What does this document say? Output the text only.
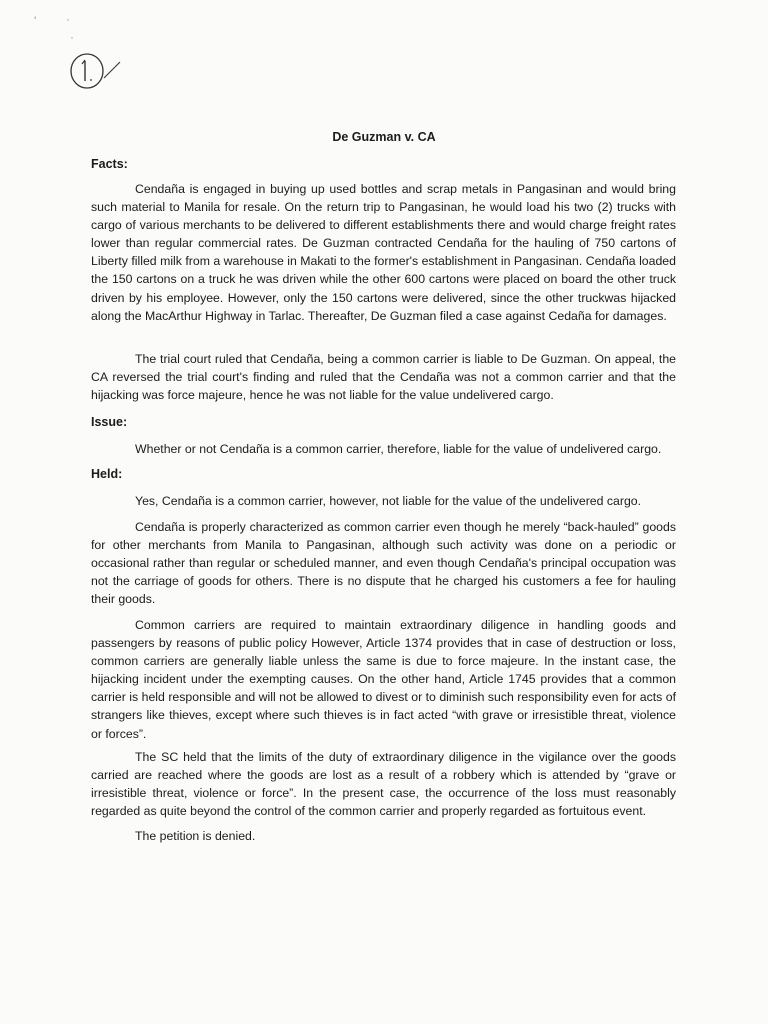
' ·
·
De Guzman v. CA
Facts:

Cendaña is engaged in buying up used bottles and scrap metals in Pangasinan and would bring such material to Manila for resale. On the return trip to Pangasinan, he would load his two (2) trucks with cargo of various merchants to be delivered to different establishments there and would charge freight rates lower than regular commercial rates. De Guzman contracted Cendaña for the hauling of 750 cartons of Liberty filled milk from a warehouse in Makati to the former's establishment in Pangasinan. Cendaña loaded the 150 cartons on a truck he was driven while the other 600 cartons were placed on board the other truck driven by his employee. However, only the 150 cartons were delivered, since the other truckwas hijacked along the MacArthur Highway in Tarlac. Thereafter, De Guzman filed a case against Cedaña for damages.

The trial court ruled that Cendaña, being a common carrier is liable to De Guzman. On appeal, the CA reversed the trial court's finding and ruled that the Cendaña was not a common carrier and that the hijacking was force majeure, hence he was not liable for the value undelivered cargo.

Issue:

Whether or not Cendaña is a common carrier, therefore, liable for the value of undelivered cargo.

Held:

Yes, Cendaña is a common carrier, however, not liable for the value of the undelivered cargo.

Cendaña is properly characterized as common carrier even though he merely “back-hauled” goods for other merchants from Manila to Pangasinan, although such activity was done on a periodic or occasional rather than regular or scheduled manner, and even though Cendaña's principal occupation was not the carriage of goods for others. There is no dispute that he charged his customers a fee for hauling their goods.

Common carriers are required to maintain extraordinary diligence in handling goods and passengers by reasons of public policy However, Article 1374 provides that in case of destruction or loss, common carriers are generally liable unless the same is due to force majeure. In the instant case, the hijacking incident under the exempting causes. On the other hand, Article 1745 provides that a common carrier is held responsible and will not be allowed to divest or to diminish such responsibility even for acts of strangers like thieves, except where such thieves is in fact acted “with grave or irresistible threat, violence or forces”.

The SC held that the limits of the duty of extraordinary diligence in the vigilance over the goods carried are reached where the goods are lost as a result of a robbery which is attended by “grave or irresistible threat, violence or force”. In the present case, the occurrence of the loss must reasonably regarded as quite beyond the control of the common carrier and properly regarded as fortuitous event.

The petition is denied.
